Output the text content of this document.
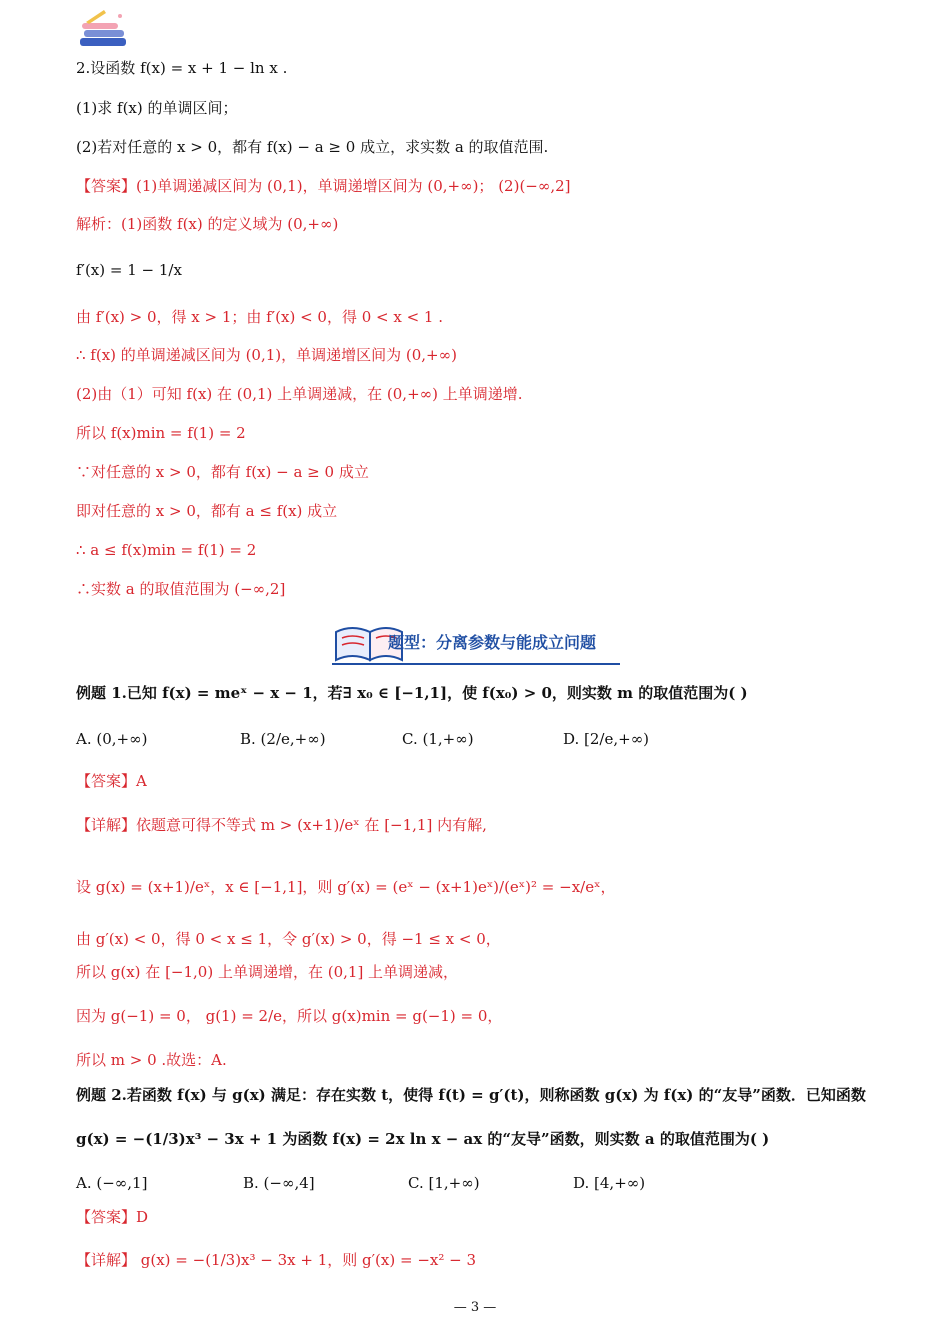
2.设函数 f(x) = x + 1 − ln x .
(1)求 f(x) 的单调区间；
(2)若对任意的 x > 0，都有 f(x) − a ≥ 0 成立，求实数 a 的取值范围.
【答案】(1)单调递减区间为 (0,1)，单调递增区间为 (0,+∞)； (2)(−∞,2]
解析：(1)函数 f(x) 的定义域为 (0,+∞)
f′(x) = 1 − 1/x
由 f′(x) > 0，得 x > 1；由 f′(x) < 0，得 0 < x < 1 .
∴ f(x) 的单调递减区间为 (0,1)，单调递增区间为 (0,+∞)
(2)由（1）可知 f(x) 在 (0,1) 上单调递减，在 (0,+∞) 上单调递增.
所以 f(x)min = f(1) = 2
∵对任意的 x > 0，都有 f(x) − a ≥ 0 成立
即对任意的 x > 0，都有 a ≤ f(x) 成立
∴ a ≤ f(x)min = f(1) = 2
∴实数 a 的取值范围为 (−∞,2]
题型：分离参数与能成立问题
例题 1.已知 f(x) = meˣ − x − 1，若∃ x₀ ∈ [−1,1]，使 f(x₀) > 0，则实数 m 的取值范围为( )
A. (0,+∞)	B. (2/e,+∞)	C. (1,+∞)	D. [2/e,+∞)
【答案】A
【详解】依题意可得不等式 m > (x+1)/eˣ 在 [−1,1] 内有解,
设 g(x) = (x+1)/eˣ，x ∈ [−1,1]，则 g′(x) = (eˣ − (x+1)eˣ)/(eˣ)² = −x/eˣ，
由 g′(x) < 0，得 0 < x ≤ 1，令 g′(x) > 0，得 −1 ≤ x < 0，
所以 g(x) 在 [−1,0) 上单调递增，在 (0,1] 上单调递减，
因为 g(−1) = 0， g(1) = 2/e，所以 g(x)min = g(−1) = 0，
所以 m > 0 .故选：A.
例题 2.若函数 f(x) 与 g(x) 满足：存在实数 t，使得 f(t) = g′(t)，则称函数 g(x) 为 f(x) 的“友导”函数．已知函数
g(x) = −(1/3)x³ − 3x + 1 为函数 f(x) = 2x ln x − ax 的“友导”函数，则实数 a 的取值范围为( )
A. (−∞,1]	B. (−∞,4]	C. [1,+∞)	D. [4,+∞)
【答案】D
【详解】 g(x) = −(1/3)x³ − 3x + 1，则 g′(x) = −x² − 3
— 3 —
